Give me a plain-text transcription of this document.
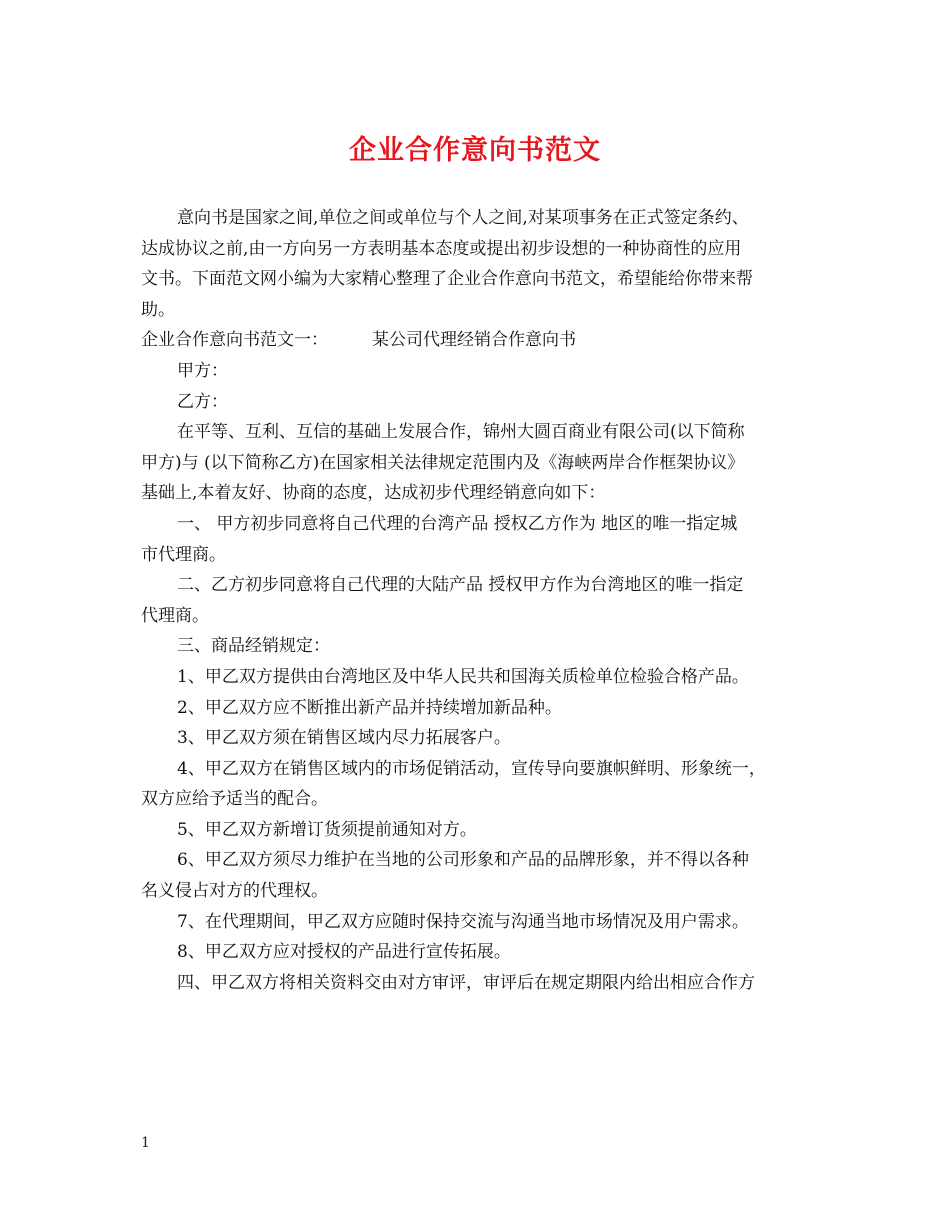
企业合作意向书范文

意向书是国家之间,单位之间或单位与个人之间,对某项事务在正式签定条约、

达成协议之前,由一方向另一方表明基本态度或提出初步设想的一种协商性的应用

文书。下面范文网小编为大家精心整理了企业合作意向书范文，希望能给你带来帮

助。

企业合作意向书范文一：	某公司代理经销合作意向书

甲方：

乙方：

在平等、互利、互信的基础上发展合作，锦州大圆百商业有限公司(以下简称

甲方)与 (以下简称乙方)在国家相关法律规定范围内及《海峡两岸合作框架协议》

基础上,本着友好、协商的态度，达成初步代理经销意向如下：

一、 甲方初步同意将自己代理的台湾产品 授权乙方作为 地区的唯一指定城

市代理商。

二、乙方初步同意将自己代理的大陆产品 授权甲方作为台湾地区的唯一指定

代理商。

三、商品经销规定：

1、甲乙双方提供由台湾地区及中华人民共和国海关质检单位检验合格产品。

2、甲乙双方应不断推出新产品并持续增加新品种。

3、甲乙双方须在销售区域内尽力拓展客户。

4、甲乙双方在销售区域内的市场促销活动，宣传导向要旗帜鲜明、形象统一，

双方应给予适当的配合。

5、甲乙双方新增订货须提前通知对方。

6、甲乙双方须尽力维护在当地的公司形象和产品的品牌形象，并不得以各种

名义侵占对方的代理权。

7、在代理期间，甲乙双方应随时保持交流与沟通当地市场情况及用户需求。

8、甲乙双方应对授权的产品进行宣传拓展。

四、甲乙双方将相关资料交由对方审评，审评后在规定期限内给出相应合作方

1
